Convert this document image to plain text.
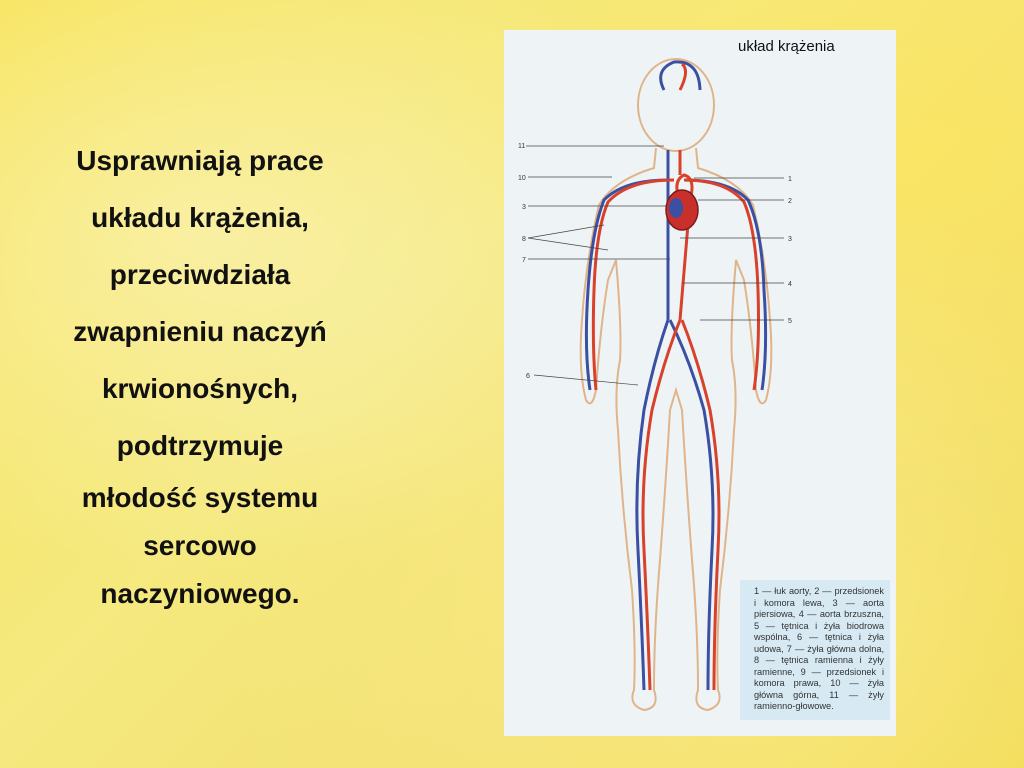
Usprawniają prace
układu krążenia,
przeciwdziała
zwapnieniu naczyń
krwionośnych,
podtrzymuje
młodość systemu
sercowo
naczyniowego.
układ krążenia
11
10
3
8
7
6
1
2
3
4
5
1 — łuk aorty, 2 — przedsionek i komora lewa, 3 — aorta piersiowa, 4 — aorta brzuszna, 5 — tętnica i żyła biodrowa wspólna, 6 — tętnica i żyła udowa, 7 — żyła główna dolna, 8 — tętnica ramienna i żyły ramienne, 9 — przedsionek i komora prawa, 10 — żyła główna górna, 11 — żyły ramienno-głowowe.
